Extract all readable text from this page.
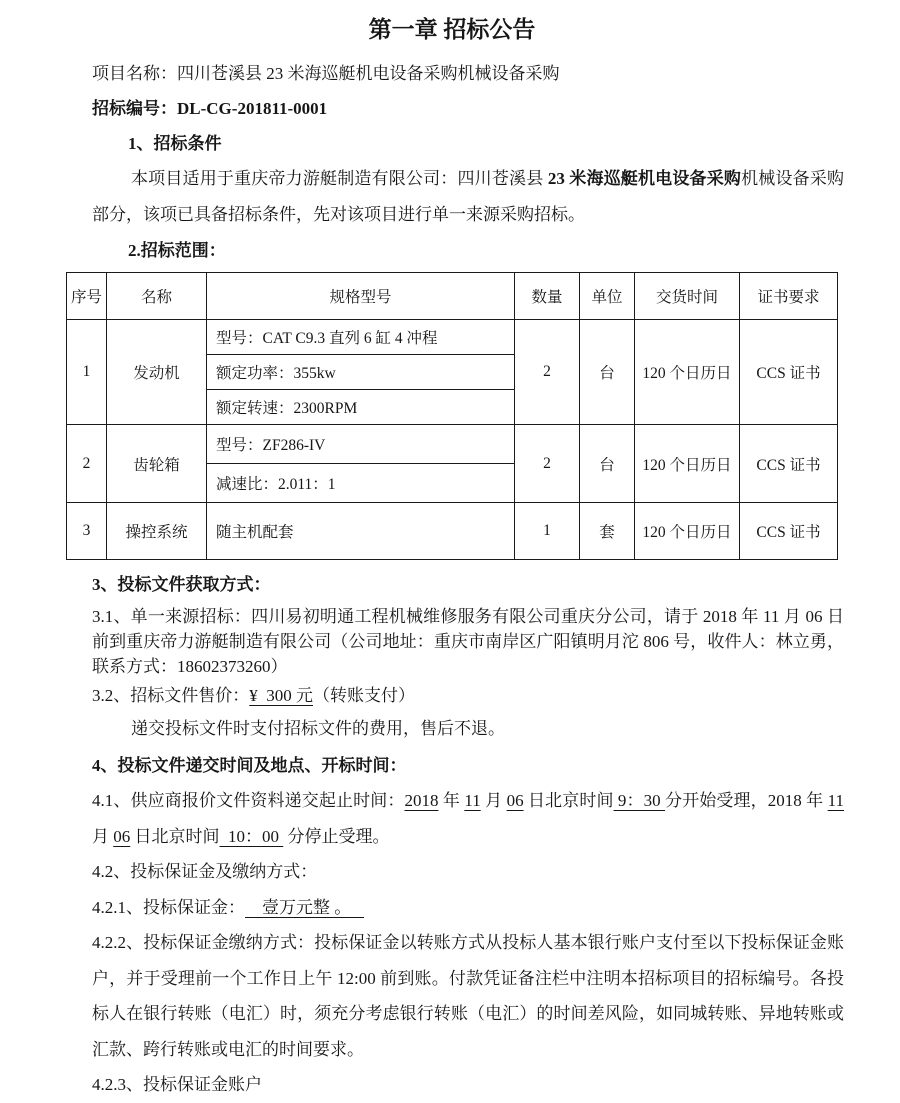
第一章 招标公告

项目名称：四川苍溪县 23 米海巡艇机电设备采购机械设备采购

招标编号：DL-CG-201811-0001

1、招标条件

本项目适用于重庆帝力游艇制造有限公司：四川苍溪县 23 米海巡艇机电设备采购机械设备采购部分，该项已具备招标条件，先对该项目进行单一来源采购招标。

2.招标范围：

序号	名称	规格型号	数量	单位	交货时间	证书要求
1	发动机	型号：CAT C9.3 直列 6 缸 4 冲程	2	台	120 个日历日	CCS 证书
		额定功率：355kw				
		额定转速：2300RPM				
2	齿轮箱	型号：ZF286-IV	2	台	120 个日历日	CCS 证书
		减速比：2.011：1				
3	操控系统	随主机配套	1	套	120 个日历日	CCS 证书

3、投标文件获取方式：

3.1、单一来源招标：四川易初明通工程机械维修服务有限公司重庆分公司，请于 2018 年 11 月 06 日前到重庆帝力游艇制造有限公司（公司地址：重庆市南岸区广阳镇明月沱 806 号，收件人：林立勇，联系方式：18602373260）

3.2、招标文件售价：¥  300 元（转账支付）

递交投标文件时支付招标文件的费用，售后不退。

4、投标文件递交时间及地点、开标时间：

4.1、供应商报价文件资料递交起止时间：2018 年 11 月 06 日北京时间 9：30 分开始受理，2018 年 11 月 06 日北京时间  10：00  分停止受理。

4.2、投标保证金及缴纳方式：

4.2.1、投标保证金：    壹万元整 。

4.2.2、投标保证金缴纳方式：投标保证金以转账方式从投标人基本银行账户支付至以下投标保证金账户，并于受理前一个工作日上午 12:00 前到账。付款凭证备注栏中注明本招标项目的招标编号。各投标人在银行转账（电汇）时，须充分考虑银行转账（电汇）的时间差风险，如同城转账、异地转账或汇款、跨行转账或电汇的时间要求。

4.2.3、投标保证金账户
